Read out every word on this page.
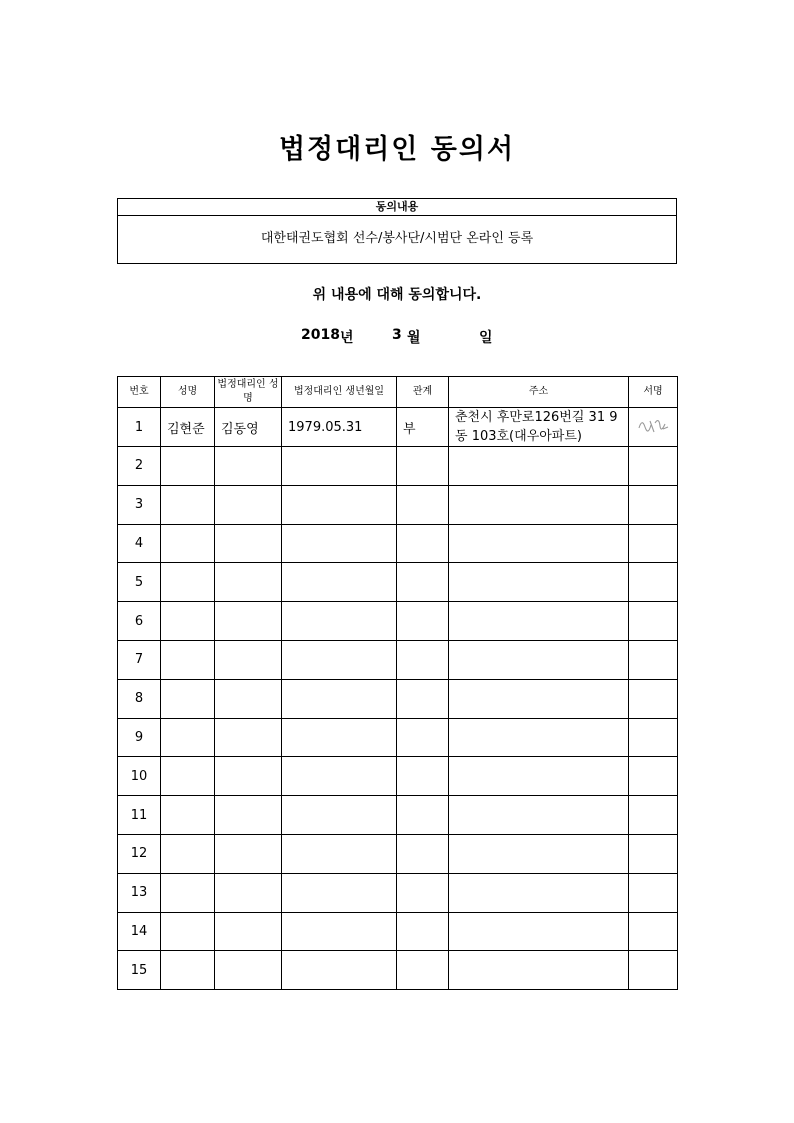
법정대리인 동의서
동의내용
대한태권도협회 선수/봉사단/시범단 온라인 등록
위 내용에 대해 동의합니다.
2018 년	3 월	일
번호	성명	법정대리인 성명	법정대리인 생년월일	관계	주소	서명
1	김현준	김동영	1979.05.31	부	춘천시 후만로126번길 31 9동 103호(대우아파트)	
2						
3						
4						
5						
6						
7						
8						
9						
10						
11						
12						
13						
14						
15						
